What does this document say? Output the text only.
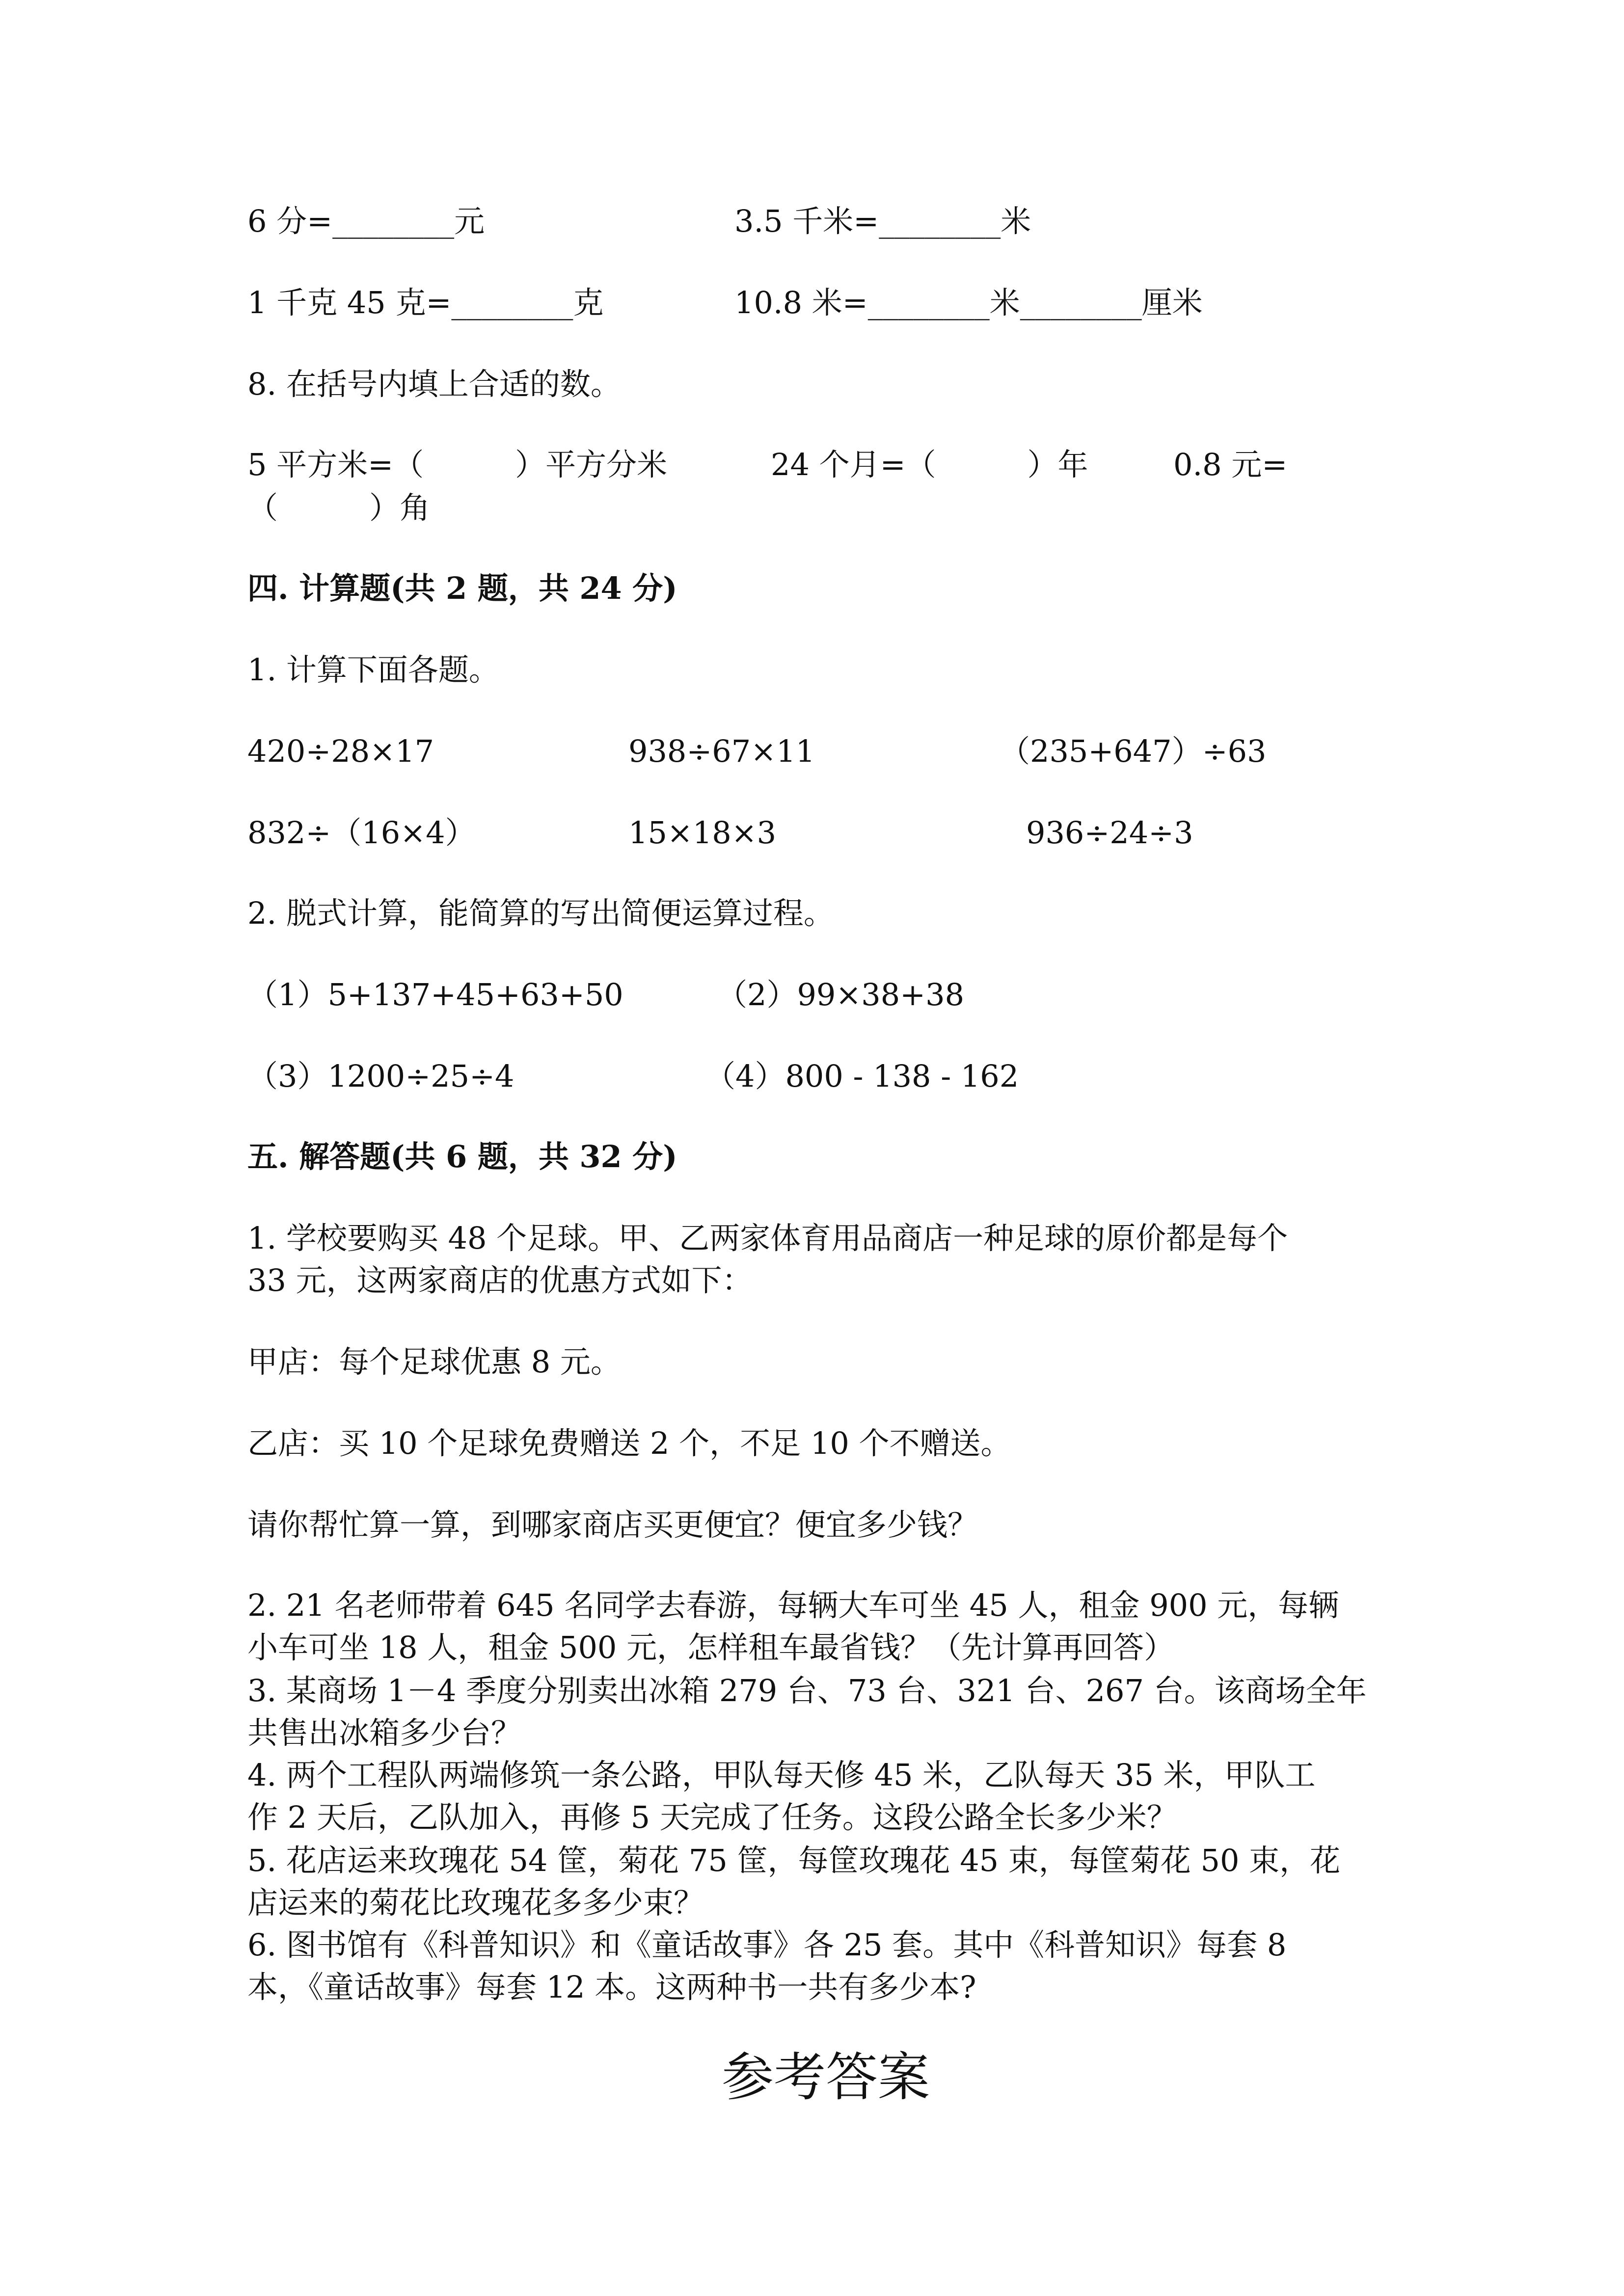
6 分=________元	3.5 千米=________米
1 千克 45 克=________克	10.8 米=________米________厘米
8. 在括号内填上合适的数。
5 平方米=（　　　）平方分米	24 个月=（　　　）年	0.8 元=
（　　　）角
四. 计算题(共 2 题，共 24 分)
1. 计算下面各题。
420÷28×17	938÷67×11	（235+647）÷63
832÷（16×4）	15×18×3	936÷24÷3
2. 脱式计算，能简算的写出简便运算过程。
（1）5+137+45+63+50	（2）99×38+38
（3）1200÷25÷4	（4）800 - 138 - 162
五. 解答题(共 6 题，共 32 分)
1. 学校要购买 48 个足球。甲、乙两家体育用品商店一种足球的原价都是每个
33 元，这两家商店的优惠方式如下：
甲店：每个足球优惠 8 元。
乙店：买 10 个足球免费赠送 2 个，不足 10 个不赠送。
请你帮忙算一算，到哪家商店买更便宜？便宜多少钱？
2. 21 名老师带着 645 名同学去春游，每辆大车可坐 45 人，租金 900 元，每辆
小车可坐 18 人，租金 500 元，怎样租车最省钱？（先计算再回答）
3. 某商场 1－4 季度分别卖出冰箱 279 台、73 台、321 台、267 台。该商场全年
共售出冰箱多少台？
4. 两个工程队两端修筑一条公路，甲队每天修 45 米，乙队每天 35 米，甲队工
作 2 天后，乙队加入，再修 5 天完成了任务。这段公路全长多少米？
5. 花店运来玫瑰花 54 筐，菊花 75 筐，每筐玫瑰花 45 束，每筐菊花 50 束，花
店运来的菊花比玫瑰花多多少束？
6. 图书馆有《科普知识》和《童话故事》各 25 套。其中《科普知识》每套 8
本，《童话故事》每套 12 本。这两种书一共有多少本?
参考答案
